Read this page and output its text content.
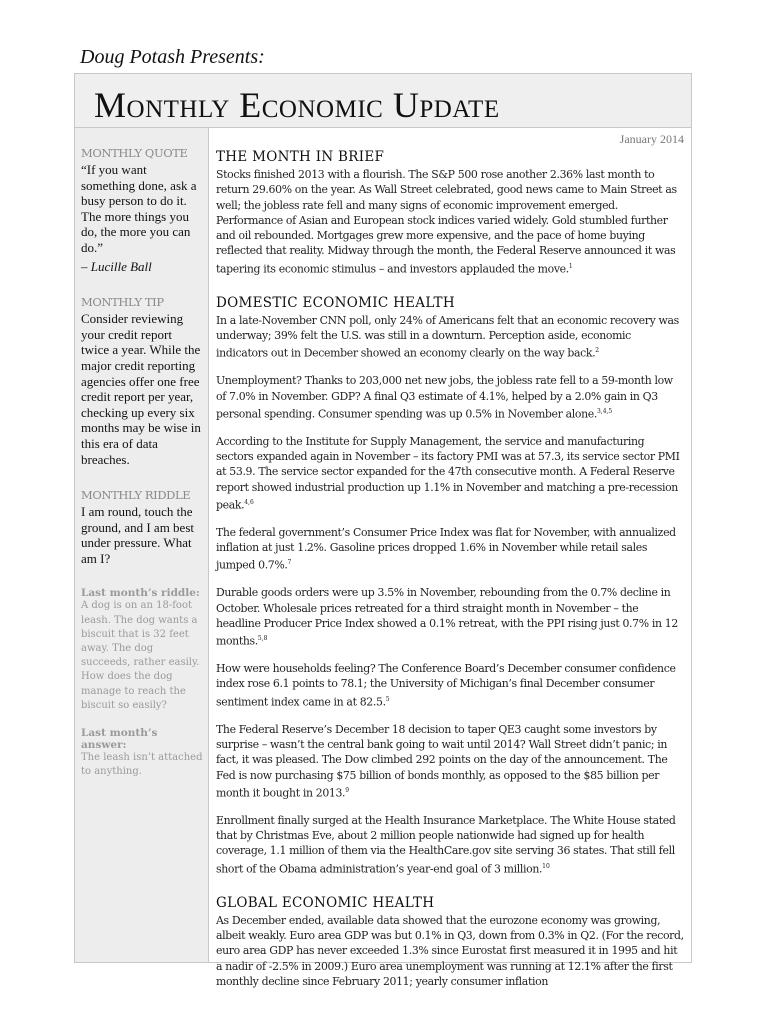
Doug Potash Presents:
Monthly Economic Update
MONTHLY QUOTE
“If you want something done, ask a busy person to do it. The more things you do, the more you can do.”
– Lucille Ball
MONTHLY TIP
Consider reviewing your credit report twice a year. While the major credit reporting agencies offer one free credit report per year, checking up every six months may be wise in this era of data breaches.
MONTHLY RIDDLE
I am round, touch the ground, and I am best under pressure. What am I?
Last month’s riddle:
A dog is on an 18-foot leash. The dog wants a biscuit that is 32 feet away. The dog succeeds, rather easily. How does the dog manage to reach the biscuit so easily?
Last month’s answer:
The leash isn’t attached to anything.
January 2014
THE MONTH IN BRIEF

Stocks finished 2013 with a flourish. The S&P 500 rose another 2.36% last month to return 29.60% on the year. As Wall Street celebrated, good news came to Main Street as well; the jobless rate fell and many signs of economic improvement emerged. Performance of Asian and European stock indices varied widely. Gold stumbled further and oil rebounded. Mortgages grew more expensive, and the pace of home buying reflected that reality. Midway through the month, the Federal Reserve announced it was tapering its economic stimulus – and investors applauded the move.$^1$

DOMESTIC ECONOMIC HEALTH

In a late-November CNN poll, only 24% of Americans felt that an economic recovery was underway; 39% felt the U.S. was still in a downturn. Perception aside, economic indicators out in December showed an economy clearly on the way back.$^2$

Unemployment? Thanks to 203,000 net new jobs, the jobless rate fell to a 59-month low of 7.0% in November. GDP? A final Q3 estimate of 4.1%, helped by a 2.0% gain in Q3 personal spending. Consumer spending was up 0.5% in November alone.$^{3,4,5}$

According to the Institute for Supply Management, the service and manufacturing sectors expanded again in November – its factory PMI was at 57.3, its service sector PMI at 53.9. The service sector expanded for the 47th consecutive month. A Federal Reserve report showed industrial production up 1.1% in November and matching a pre-recession peak.$^{4,6}$

The federal government’s Consumer Price Index was flat for November, with annualized inflation at just 1.2%. Gasoline prices dropped 1.6% in November while retail sales jumped 0.7%.$^7$

Durable goods orders were up 3.5% in November, rebounding from the 0.7% decline in October. Wholesale prices retreated for a third straight month in November – the headline Producer Price Index showed a 0.1% retreat, with the PPI rising just 0.7% in 12 months.$^{5,8}$

How were households feeling? The Conference Board’s December consumer confidence index rose 6.1 points to 78.1; the University of Michigan’s final December consumer sentiment index came in at 82.5.$^5$

The Federal Reserve’s December 18 decision to taper QE3 caught some investors by surprise – wasn’t the central bank going to wait until 2014? Wall Street didn’t panic; in fact, it was pleased. The Dow climbed 292 points on the day of the announcement. The Fed is now purchasing $75 billion of bonds monthly, as opposed to the $85 billion per month it bought in 2013.$^9$

Enrollment finally surged at the Health Insurance Marketplace. The White House stated that by Christmas Eve, about 2 million people nationwide had signed up for health coverage, 1.1 million of them via the HealthCare.gov site serving 36 states. That still fell short of the Obama administration’s year-end goal of 3 million.$^{10}$

GLOBAL ECONOMIC HEALTH

As December ended, available data showed that the eurozone economy was growing, albeit weakly. Euro area GDP was but 0.1% in Q3, down from 0.3% in Q2. (For the record, euro area GDP has never exceeded 1.3% since Eurostat first measured it in 1995 and hit a nadir of -2.5% in 2009.) Euro area unemployment was running at 12.1% after the first monthly decline since February 2011; yearly consumer inflation
